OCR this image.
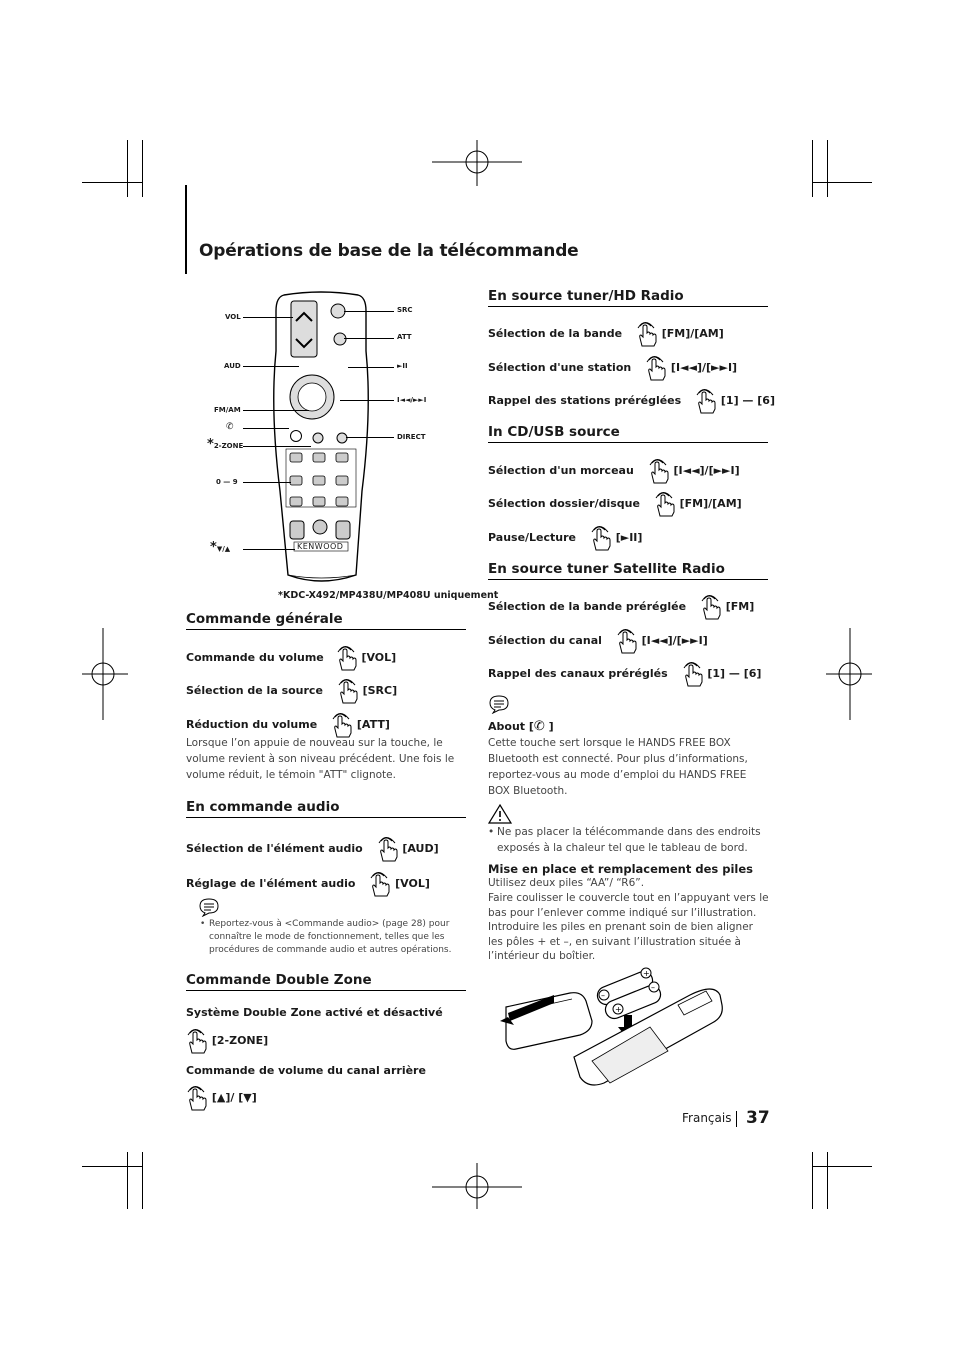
Opérations de base de la télécommande
KENWOOD
VOL
AUD
FM/AM
✆
*2-ZONE
0 — 9
*▼/▲
SRC
ATT
►II
I◄◄/►►I
DIRECT
*KDC-X492/MP438U/MP408U uniquement
Commande générale
Commande du volume	[VOL]
Sélection de la source	[SRC]
Réduction du volume	[ATT]
Lorsque l’on appuie de nouveau sur la touche, le volume revient à son niveau précédent. Une fois le volume réduit, le témoin "ATT" clignote.
En commande audio
Sélection de l'élément audio	[AUD]
Réglage de l'élément audio	[VOL]
• Reportez-vous à <Commande audio> (page 28) pour connaître le mode de fonctionnement, telles que les procédures de commande audio et autres opérations.
Commande Double Zone
Système Double Zone activé et désactivé
[2-ZONE]
Commande de volume du canal arrière
[▲]/ [▼]
En source tuner/HD Radio
Sélection de la bande	[FM]/[AM]
Sélection d'une station	[I◄◄]/[►►I]
Rappel des stations préréglées	[1] — [6]
In CD/USB source
Sélection d'un morceau	[I◄◄]/[►►I]
Sélection dossier/disque	[FM]/[AM]
Pause/Lecture	[►II]
En source tuner Satellite Radio
Sélection de la bande préréglée	[FM]
Sélection du canal	[I◄◄]/[►►I]
Rappel des canaux préréglés	[1] — [6]
About [✆ ]
Cette touche sert lorsque le HANDS FREE BOX Bluetooth est connecté. Pour plus d’informations, reportez-vous au mode d’emploi du HANDS FREE BOX Bluetooth.
• Ne pas placer la télécommande dans des endroits exposés à la chaleur tel que le tableau de bord.
Mise en place et remplacement des piles
Utilisez deux piles “AA”/ “R6”.
Faire coulisser le couvercle tout en l’appuyant vers le bas pour l’enlever comme indiqué sur l’illustration. Introduire les piles en prenant soin de bien aligner les pôles + et –, en suivant l’illustration située à l’intérieur du boîtier.
+
–
–
+
Français 37
